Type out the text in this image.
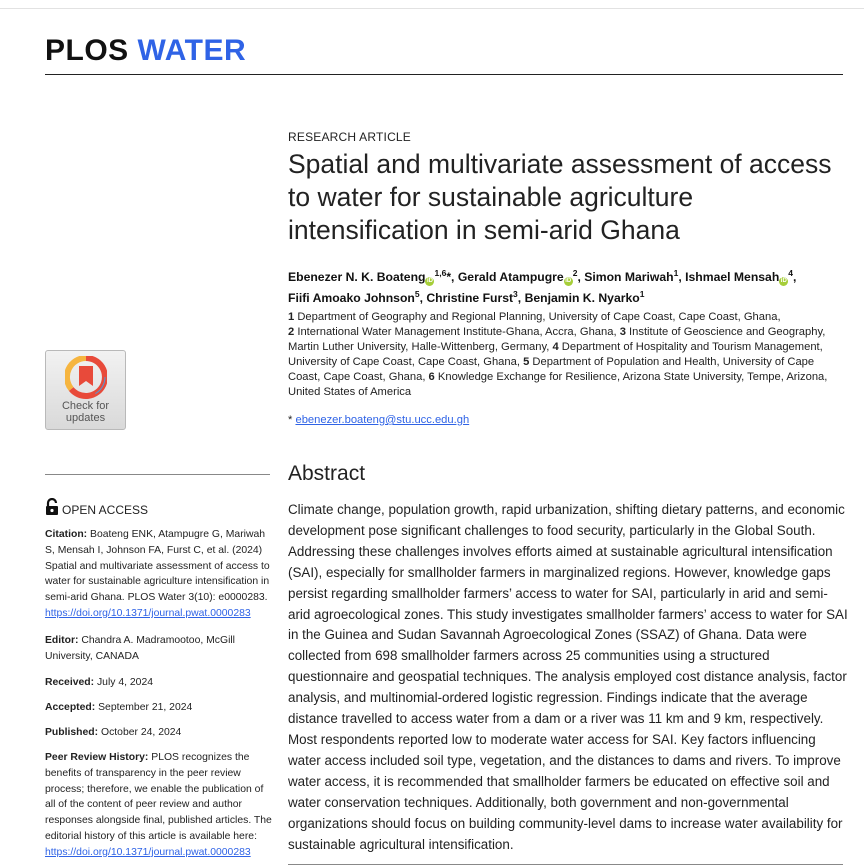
PLOS WATER
RESEARCH ARTICLE
Spatial and multivariate assessment of access to water for sustainable agriculture intensification in semi-arid Ghana
Ebenezer N. K. Boateng iD$^{1,6}$*, Gerald Atampugre $iD^2$, Simon Mariwah$^1$, Ishmael Mensah $iD^4$,
Fiifi Amoako Johnson$^5$, Christine Furst$^3$, Benjamin K. Nyarko$^1$
1 Department of Geography and Regional Planning, University of Cape Coast, Cape Coast, Ghana,
2 International Water Management Institute-Ghana, Accra, Ghana, 3 Institute of Geoscience and Geography, Martin Luther University, Halle-Wittenberg, Germany, 4 Department of Hospitality and Tourism Management, University of Cape Coast, Cape Coast, Ghana, 5 Department of Population and Health, University of Cape Coast, Cape Coast, Ghana, 6 Knowledge Exchange for Resilience, Arizona State University, Tempe, Arizona, United States of America
* ebenezer.boateng@stu.ucc.edu.gh
Check for
updates
OPEN ACCESS
Citation: Boateng ENK, Atampugre G, Mariwah S, Mensah I, Johnson FA, Furst C, et al. (2024) Spatial and multivariate assessment of access to water for sustainable agriculture intensification in semi-arid Ghana. PLOS Water 3(10): e0000283. https://doi.org/10.1371/journal.pwat.0000283
Editor: Chandra A. Madramootoo, McGill University, CANADA
Received: July 4, 2024
Accepted: September 21, 2024
Published: October 24, 2024
Peer Review History: PLOS recognizes the benefits of transparency in the peer review process; therefore, we enable the publication of all of the content of peer review and author responses alongside final, published articles. The editorial history of this article is available here: https://doi.org/10.1371/journal.pwat.0000283
Abstract

Climate change, population growth, rapid urbanization, shifting dietary patterns, and economic development pose significant challenges to food security, particularly in the Global South. Addressing these challenges involves efforts aimed at sustainable agricultural intensification (SAI), especially for smallholder farmers in marginalized regions. However, knowledge gaps persist regarding smallholder farmers’ access to water for SAI, particularly in arid and semi-arid agroecological zones. This study investigates smallholder farmers’ access to water for SAI in the Guinea and Sudan Savannah Agroecological Zones (SSAZ) of Ghana. Data were collected from 698 smallholder farmers across 25 communities using a structured questionnaire and geospatial techniques. The analysis employed cost distance analysis, factor analysis, and multinomial-ordered logistic regression. Findings indicate that the average distance travelled to access water from a dam or a river was 11 km and 9 km, respectively. Most respondents reported low to moderate water access for SAI. Key factors influencing water access included soil type, vegetation, and the distances to dams and rivers. To improve water access, it is recommended that smallholder farmers be educated on effective soil and water conservation techniques. Additionally, both government and non-governmental organizations should focus on building community-level dams to increase water availability for sustainable agricultural intensification.
